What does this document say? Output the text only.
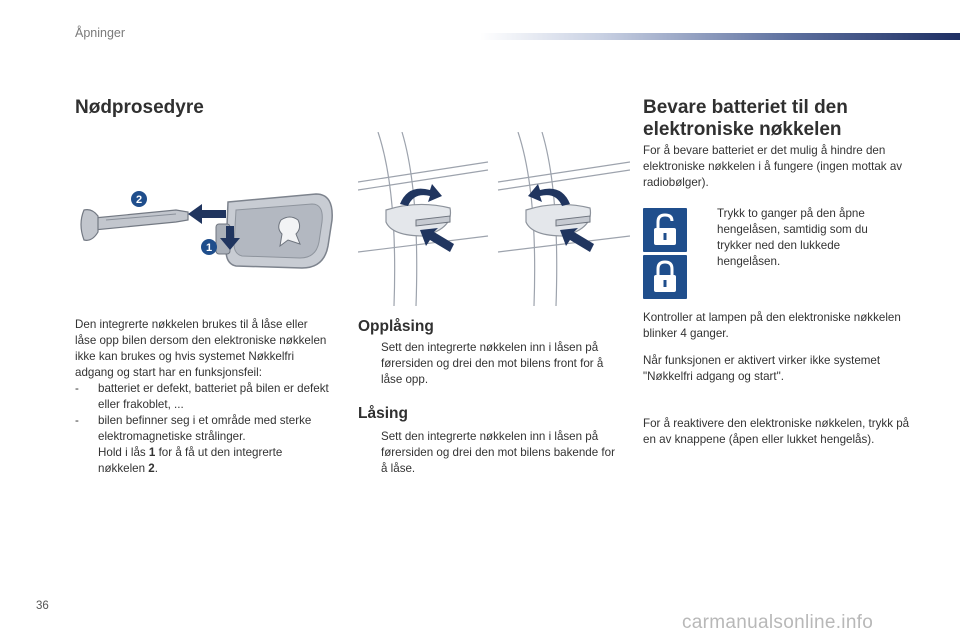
Åpninger
Nødprosedyre
2
1

Den integrerte nøkkelen brukes til å låse eller låse opp bilen dersom den elektroniske nøkkelen ikke kan brukes og hvis systemet Nøkkelfri adgang og start har en funksjonsfeil:

- batteriet er defekt, batteriet på bilen er defekt eller frakoblet, ...

- bilen befinner seg i et område med sterke elektromagnetiske strålinger.

Hold i lås 1 for å få ut den integrerte nøkkelen 2.

Opplåsing

Sett den integrerte nøkkelen inn i låsen på førersiden og drei den mot bilens front for å låse opp.

Låsing

Sett den integrerte nøkkelen inn i låsen på førersiden og drei den mot bilens bakende for å låse.

Bevare batteriet til den
elektroniske nøkkelen
For å bevare batteriet er det mulig å hindre den elektroniske nøkkelen i å fungere (ingen mottak av radiobølger).

Trykk to ganger på den åpne hengelåsen, samtidig som du trykker ned den lukkede hengelåsen.

Kontroller at lampen på den elektroniske nøkkelen blinker 4 ganger.
Når funksjonen er aktivert virker ikke systemet "Nøkkelfri adgang og start".
For å reaktivere den elektroniske nøkkelen, trykk på en av knappene (åpen eller lukket hengelås).
36
carmanualsonline.info
